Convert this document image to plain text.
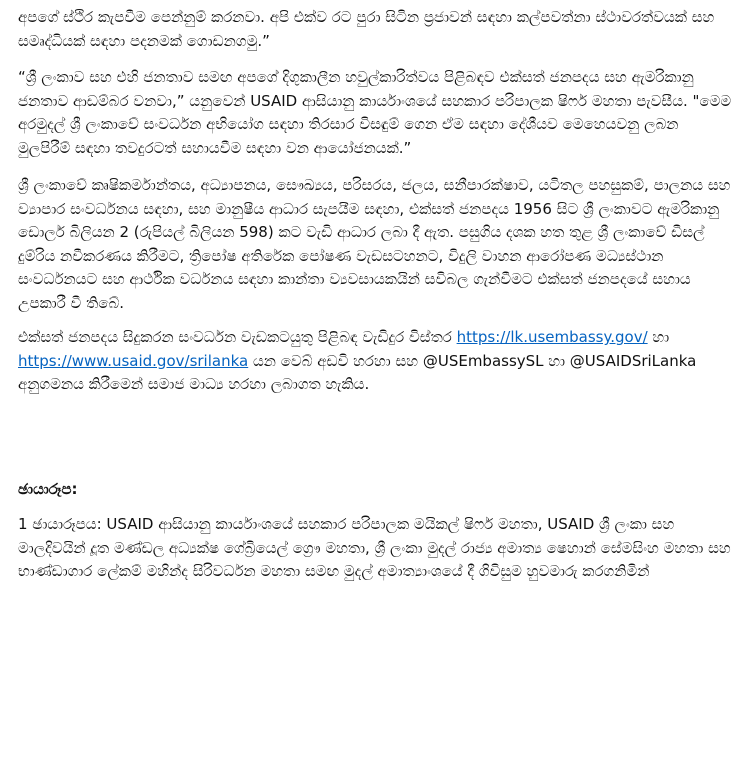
අපගේ ස්ථිර කැපවීම පෙන්නුම් කරනවා. අපි එක්ව රට පුරා සිටින ප්‍රජාවන් සඳහා කල්පවත්නා ස්ථාවරත්වයක් සහ සමෘද්ධියක් සඳහා පදනමක් ගොඩනගමු.”

“ශ්‍රී ලංකාව සහ එහි ජනතාව සමඟ අපගේ දිගුකාලීන හවුල්කාරිත්වය පිළිබඳව එක්සත් ජනපදය සහ ඇමරිකානු ජනතාව ආඩම්බර වනවා,” යනුවෙන් USAID ආසියානු කාර්යාංශයේ සහකාර පරිපාලක ෂිෆර් මහතා පැවසීය. "මෙම අරමුදල් ශ්‍රී ලංකාවේ සංවර්ධන අභියෝග සඳහා තිරසාර විසඳුම් ගෙන ඒම සඳහා දේශීයව මෙහෙයවනු ලබන මුලපිරීම් සඳහා තවදුරටත් සහායවීම සඳහා වන ආයෝජනයක්.”

ශ්‍රී ලංකාවේ කෘෂිකර්මාන්තය, අධ්‍යාපනය, සෞඛ්‍යය, පරිසරය, ජලය, සනීපාරක්ෂාව, යටිතල පහසුකම්, පාලනය සහ ව්‍යාපාර සංවර්ධනය සඳහා, සහ මානුෂීය ආධාර සැපයීම සඳහා, එක්සත් ජනපදය 1956 සිට ශ්‍රී ලංකාවට ඇමරිකානු ඩොලර් බිලියන 2 (රුපියල් බිලියන 598) කට වැඩි ආධාර ලබා දී ඇත. පසුගිය දශක හත තුළ ශ්‍රී ලංකාවේ ඩීසල් දුම්රිය නවීකරණය කිරීමට, ත්‍රිපෝෂ අතිරේක පෝෂණ වැඩසටහනට, විදුලි වාහන ආරෝපණ මධ්‍යස්ථාන සංවර්ධනයට සහ ආර්ථික වර්ධනය සඳහා කාන්තා ව්‍යවසායකයින් සවිබල ගැන්වීමට එක්සත් ජනපදයේ සහාය උපකාරී වී තිබේ.

එක්සත් ජනපදය සිදුකරන සංවර්ධන වැඩකටයුතු පිළිබඳ වැඩිදුර විස්තර https://lk.usembassy.gov/ හා https://www.usaid.gov/srilanka යන වෙබ් අඩවි හරහා සහ @USEmbassySL හා @USAIDSriLanka අනුගමනය කිරීමෙන් සමාජ මාධ්‍ය හරහා ලබාගත හැකිය.

ඡායාරූප:

1 ඡායාරූපය: USAID ආසියානු කාර්යාංශයේ සහකාර පරිපාලක මයිකල් ෂිෆර් මහතා, USAID ශ්‍රී ලංකා සහ මාලදිවයින් දූත මණ්ඩල අධ්‍යක්ෂ ගේබ්‍රියෙල් ග්‍රෞ මහතා, ශ්‍රී ලංකා මුදල් රාජ්‍ය අමාත්‍ය ෂෙහාන් සේමසිංහ මහතා සහ භාණ්ඩාගාර ලේකම් මහින්ද සිරිවර්ධන මහතා සමඟ මුදල් අමාත්‍යාංශයේ දී ගිවිසුම හුවමාරු කරගනිමින්
